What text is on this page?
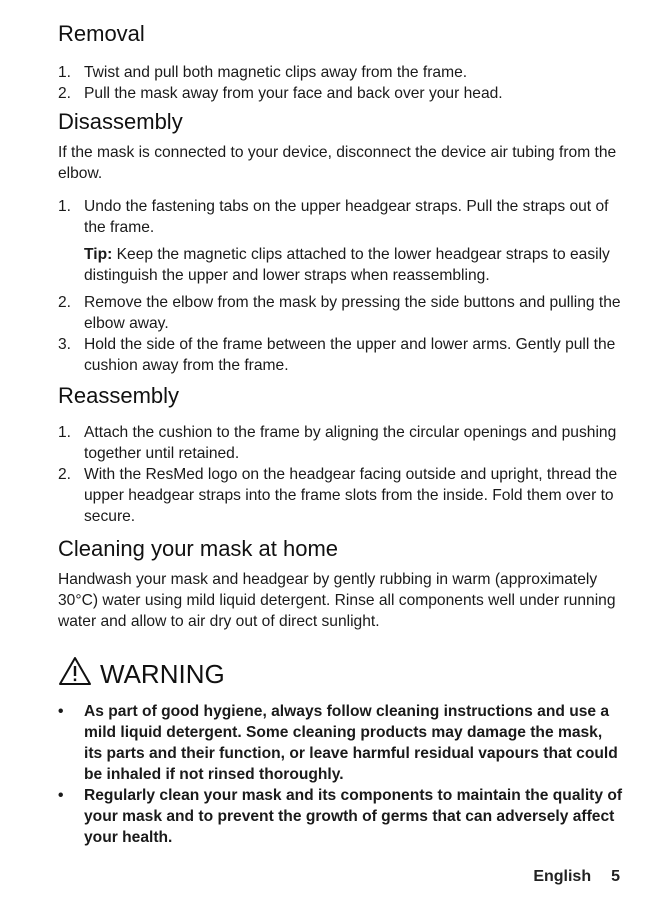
Removal
1. Twist and pull both magnetic clips away from the frame.
2. Pull the mask away from your face and back over your head.
Disassembly

If the mask is connected to your device, disconnect the device air tubing from the elbow.

1. Undo the fastening tabs on the upper headgear straps. Pull the straps out of the frame.
Tip: Keep the magnetic clips attached to the lower headgear straps to easily distinguish the upper and lower straps when reassembling.
2. Remove the elbow from the mask by pressing the side buttons and pulling the elbow away.
3. Hold the side of the frame between the upper and lower arms. Gently pull the cushion away from the frame.
Reassembly
1. Attach the cushion to the frame by aligning the circular openings and pushing together until retained.
2. With the ResMed logo on the headgear facing outside and upright, thread the upper headgear straps into the frame slots from the inside. Fold them over to secure.
Cleaning your mask at home

Handwash your mask and headgear by gently rubbing in warm (approximately 30°C) water using mild liquid detergent. Rinse all components well under running water and allow to air dry out of direct sunlight.

WARNING
•	As part of good hygiene, always follow cleaning instructions and use a mild liquid detergent. Some cleaning products may damage the mask, its parts and their function, or leave harmful residual vapours that could be inhaled if not rinsed thoroughly.
•	Regularly clean your mask and its components to maintain the quality of your mask and to prevent the growth of germs that can adversely affect your health.
English 5
